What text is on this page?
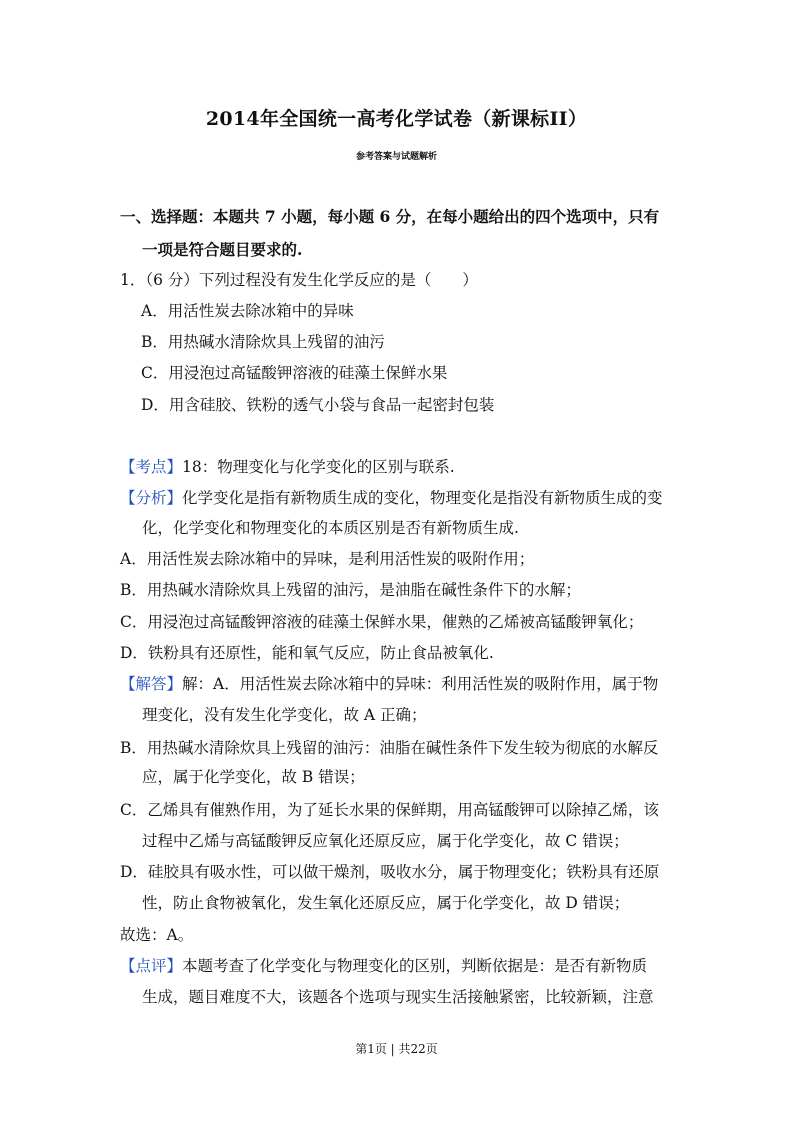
2014年全国统一高考化学试卷（新课标II）
参考答案与试题解析
一、选择题：本题共 7 小题，每小题 6 分，在每小题给出的四个选项中，只有
一项是符合题目要求的.
1．（6 分）下列过程没有发生化学反应的是（　　）
A．用活性炭去除冰箱中的异味
B．用热碱水清除炊具上残留的油污
C．用浸泡过高锰酸钾溶液的硅藻土保鲜水果
D．用含硅胶、铁粉的透气小袋与食品一起密封包装
【考点】18：物理变化与化学变化的区别与联系.
【分析】化学变化是指有新物质生成的变化，物理变化是指没有新物质生成的变
化，化学变化和物理变化的本质区别是否有新物质生成.
A．用活性炭去除冰箱中的异味，是利用活性炭的吸附作用；
B．用热碱水清除炊具上残留的油污，是油脂在碱性条件下的水解；
C．用浸泡过高锰酸钾溶液的硅藻土保鲜水果，催熟的乙烯被高锰酸钾氧化；
D．铁粉具有还原性，能和氧气反应，防止食品被氧化.
【解答】解：A．用活性炭去除冰箱中的异味：利用活性炭的吸附作用，属于物
理变化，没有发生化学变化，故 A 正确；
B．用热碱水清除炊具上残留的油污：油脂在碱性条件下发生较为彻底的水解反
应，属于化学变化，故 B 错误；
C．乙烯具有催熟作用，为了延长水果的保鲜期，用高锰酸钾可以除掉乙烯，该
过程中乙烯与高锰酸钾反应氧化还原反应，属于化学变化，故 C 错误；
D．硅胶具有吸水性，可以做干燥剂，吸收水分，属于物理变化；铁粉具有还原
性，防止食物被氧化，发生氧化还原反应，属于化学变化，故 D 错误；
故选：A。
【点评】本题考查了化学变化与物理变化的区别，判断依据是：是否有新物质
生成，题目难度不大，该题各个选项与现实生活接触紧密，比较新颖，注意
第1页 | 共22页
